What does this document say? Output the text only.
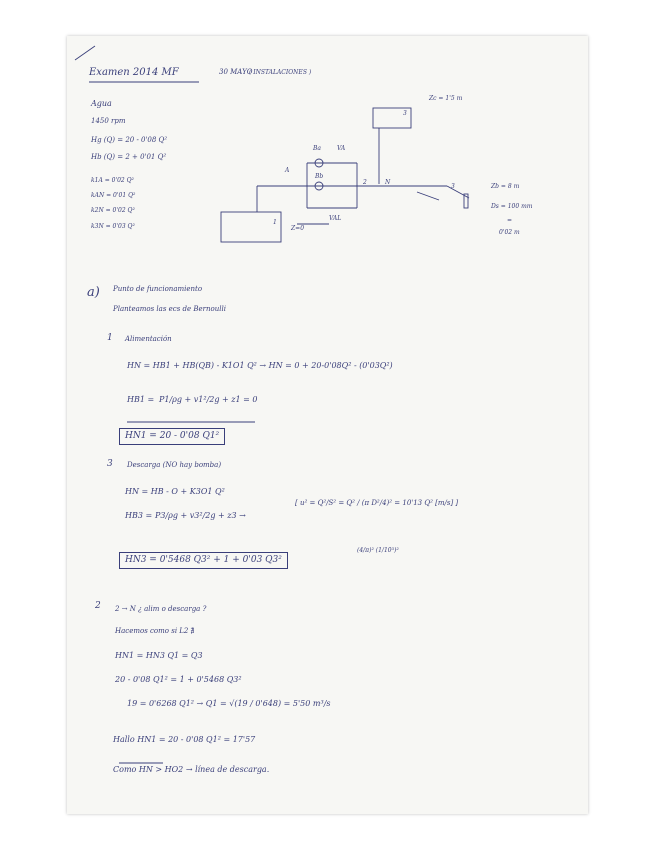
Examen 2014 MF	30 MAYO
( INSTALACIONES )
Agua
1450 rpm
Hg (Q) = 20 - 0'08 Q²
Hb (Q) = 2 + 0'01 Q²
k1A = 0'02 Q²
kAN = 0'01 Q²
k2N = 0'02 Q²
k3N = 0'03 Q²
Zc = 1'5 m
3
Ba
Bb
VA
VAL
A
2	N
1
Z=0
3	Zb = 8 m
Ds = 100 mm
=
0'02 m
a) Punto de funcionamiento
Planteamos las ecs de Bernoulli
1 Alimentación
HN = HB1 + HB(QB) - K1O1 Q² → HN = 0 + 20-0'08Q² - (0'03Q²)
HB1 = P1/ρg + v1²/2g + z1 = 0
HN1 = 20 - 0'08 Q1²
3 Descarga (NO hay bomba)
HN = HB - O + K3O1 Q²
HB3 = P3/ρg + v3²/2g + z3 →
[ u² = Q²/S² = Q² / (π D²/4)² = 10'13 Q² [m/s] ]
(4/π)² (1/10³)²
HN3 = 0'5468 Q3² + 1 + 0'03 Q3²
2 2 → N ¿ alim o descarga ?
Hacemos como si L2 ∄
HN1 = HN3 Q1 = Q3
20 - 0'08 Q1² = 1 + 0'5468 Q3²
19 = 0'6268 Q1² → Q1 = √(19 / 0'648) = 5'50 m³/s
Hallo HN1 = 20 - 0'08 Q1² = 17'57
Como HN > HO2 → línea de descarga.
